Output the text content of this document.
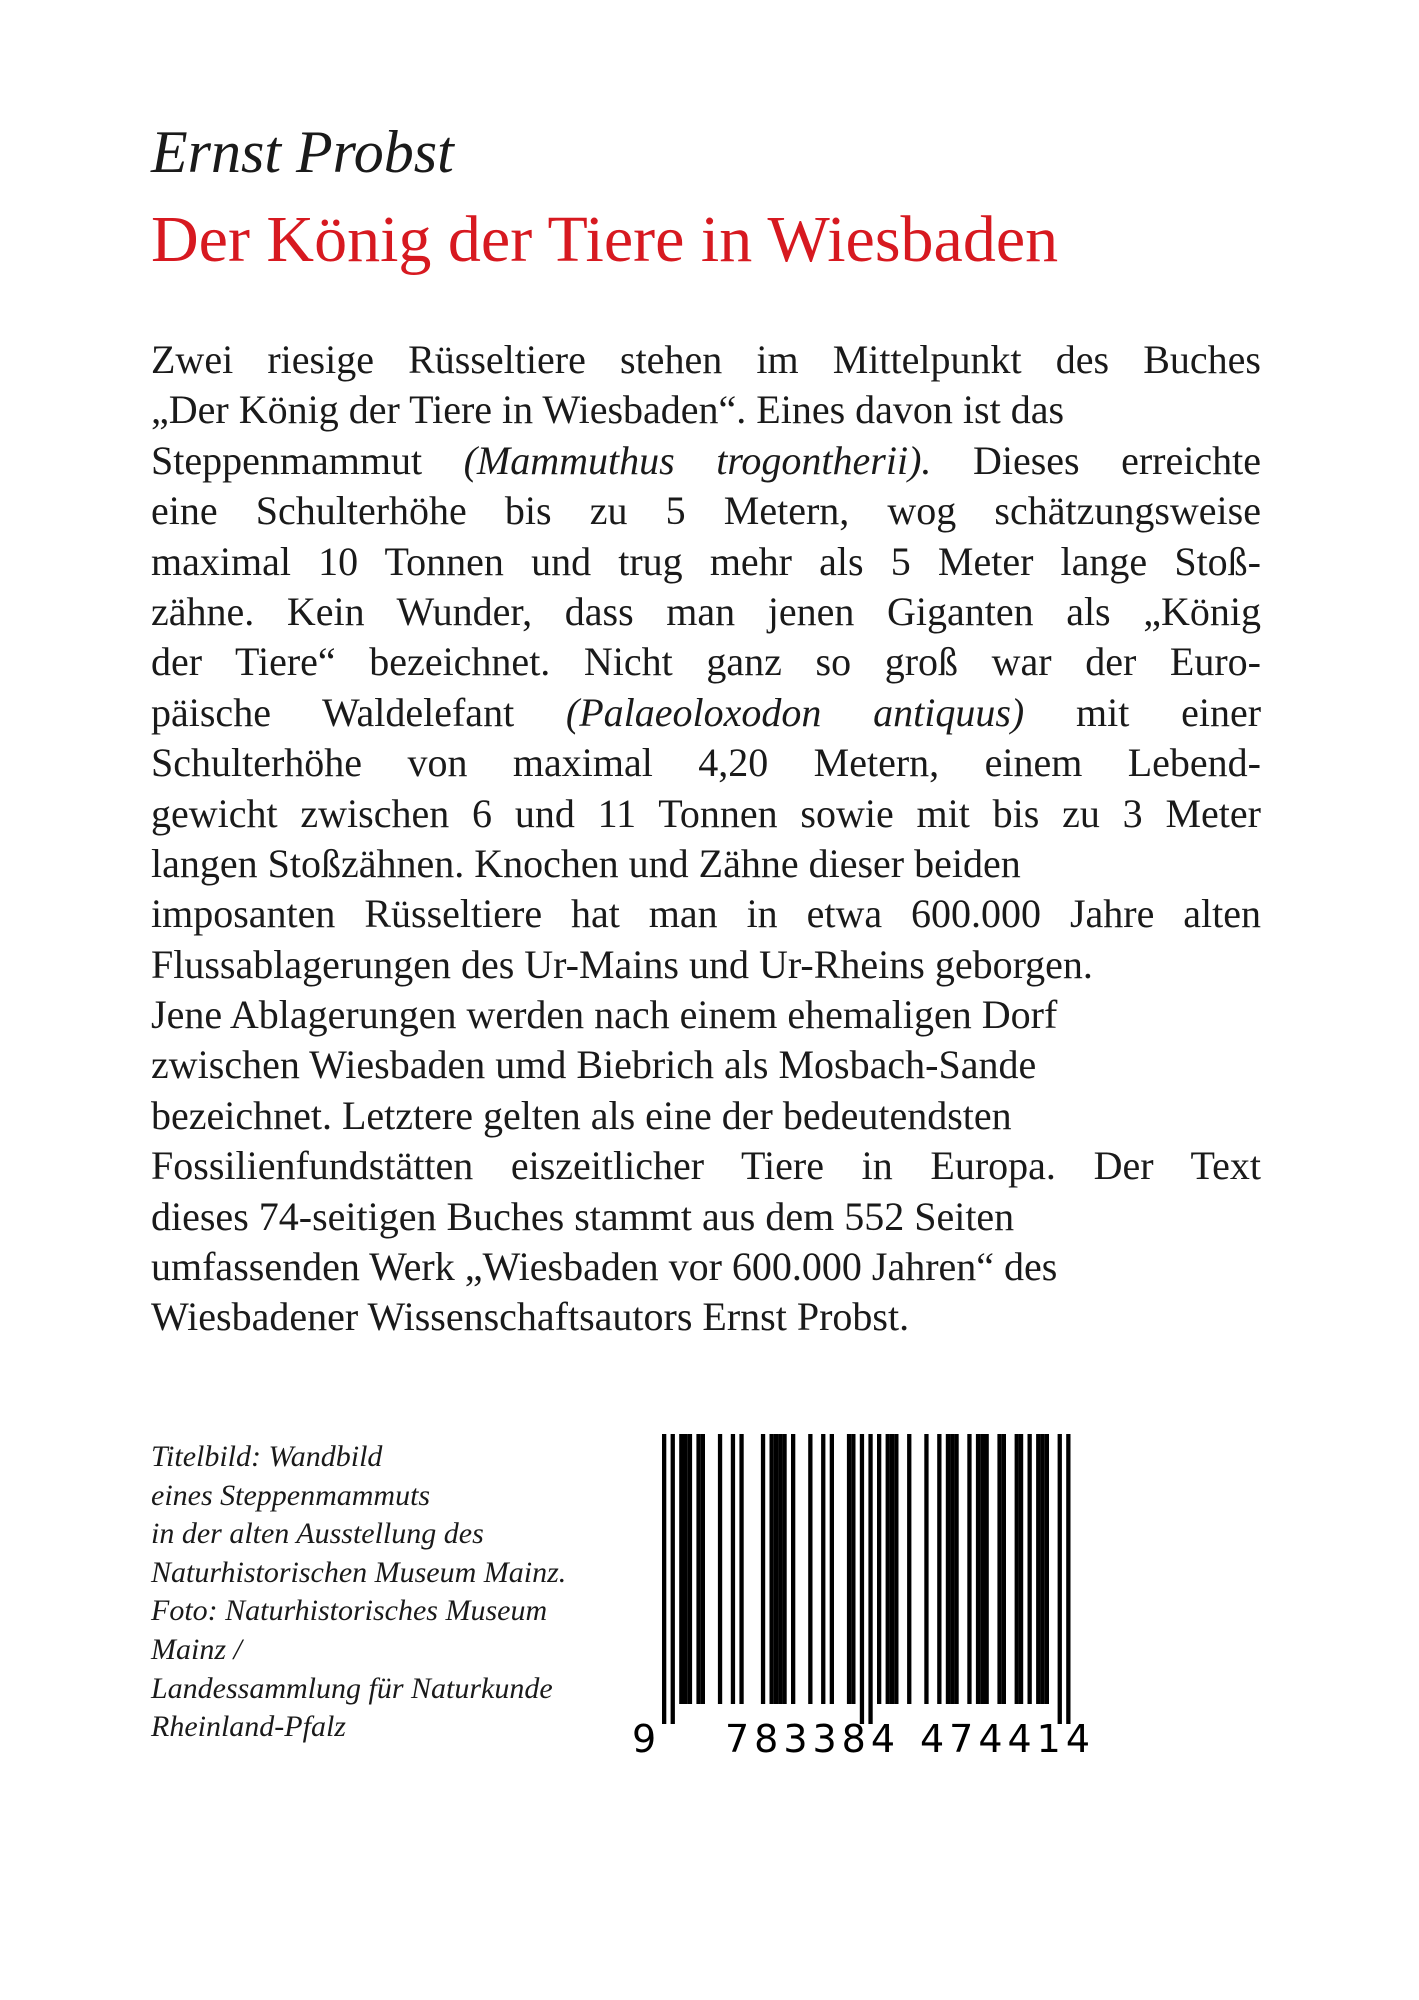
Ernst Probst
Der König der Tiere in Wiesbaden
Zwei riesige Rüsseltiere stehen im Mittelpunkt des Buches
„Der König der Tiere in Wiesbaden“. Eines davon ist das
Steppenmammut (Mammuthus trogontherii). Dieses erreichte
eine Schulterhöhe bis zu 5 Metern, wog schätzungsweise
maximal 10 Tonnen und trug mehr als 5 Meter lange Stoß-
zähne. Kein Wunder, dass man jenen Giganten als „König
der Tiere“ bezeichnet. Nicht ganz so groß war der Euro-
päische Waldelefant (Palaeoloxodon antiquus) mit einer
Schulterhöhe von maximal 4,20 Metern, einem Lebend-
gewicht zwischen 6 und 11 Tonnen sowie mit bis zu 3 Meter
langen Stoßzähnen. Knochen und Zähne dieser beiden
imposanten Rüsseltiere hat man in etwa 600.000 Jahre alten
Flussablagerungen des Ur-Mains und Ur-Rheins geborgen.
Jene Ablagerungen werden nach einem ehemaligen Dorf
zwischen Wiesbaden umd Biebrich als Mosbach-Sande
bezeichnet. Letztere gelten als eine der bedeutendsten
Fossilienfundstätten eiszeitlicher Tiere in Europa. Der Text
dieses 74-seitigen Buches stammt aus dem 552 Seiten
umfassenden Werk „Wiesbaden vor 600.000 Jahren“ des
Wiesbadener Wissenschaftsautors Ernst Probst.
Titelbild: Wandbild
eines Steppenmammuts
in der alten Ausstellung des
Naturhistorischen Museum Mainz.
Foto: Naturhistorisches Museum
Mainz /
Landessammlung für Naturkunde
Rheinland-Pfalz	9 783384 474414
